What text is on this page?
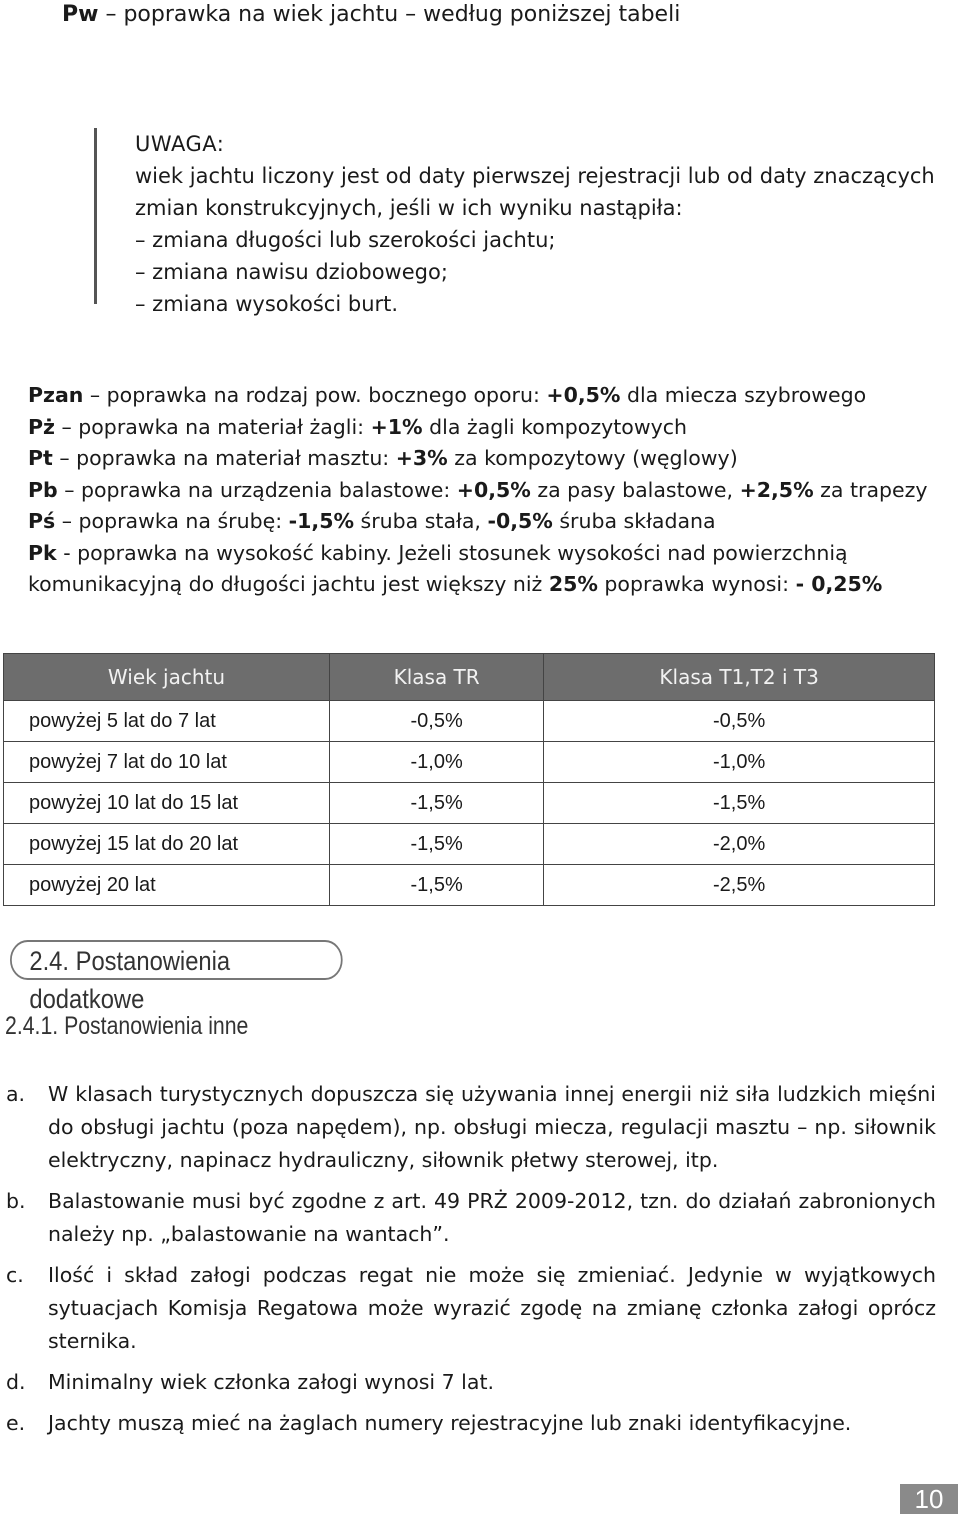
Pw – poprawka na wiek jachtu – według poniższej tabeli
UWAGA:
wiek jachtu liczony jest od daty pierwszej rejestracji lub od daty znaczących
zmian konstrukcyjnych, jeśli w ich wyniku nastąpiła:
– zmiana długości lub szerokości jachtu;
– zmiana nawisu dziobowego;
– zmiana wysokości burt.
Pzan – poprawka na rodzaj pow. bocznego oporu: +0,5% dla miecza szybrowego
Pż – poprawka na materiał żagli: +1% dla żagli kompozytowych
Pt – poprawka na materiał masztu: +3% za kompozytowy (węglowy)
Pb – poprawka na urządzenia balastowe: +0,5% za pasy balastowe, +2,5% za trapezy
Pś – poprawka na śrubę: -1,5% śruba stała, -0,5% śruba składana
Pk - poprawka na wysokość kabiny. Jeżeli stosunek wysokości nad powierzchnią
komunikacyjną do długości jachtu jest większy niż 25% poprawka wynosi: - 0,25%
Wiek jachtu	Klasa TR	Klasa T1,T2 i T3
powyżej 5 lat do 7 lat	-0,5%	-0,5%
powyżej 7 lat do 10 lat	-1,0%	-1,0%
powyżej 10 lat do 15 lat	-1,5%	-1,5%
powyżej 15 lat do 20 lat	-1,5%	-2,0%
powyżej 20 lat	-1,5%	-2,5%
2.4. Postanowienia dodatkowe
2.4.1. Postanowienia inne
a. W klasach turystycznych dopuszcza się używania innej energii niż siła ludzkich mięśni do obsługi jachtu (poza napędem), np. obsługi miecza, regulacji masztu – np. siłownik elektryczny, napinacz hydrauliczny, siłownik płetwy sterowej, itp.
b. Balastowanie musi być zgodne z art. 49 PRŻ 2009-2012, tzn. do działań zabronionych należy np. „balastowanie na wantach”.
c. Ilość i skład załogi podczas regat nie może się zmieniać. Jedynie w wyjątkowych sytuacjach Komisja Regatowa może wyrazić zgodę na zmianę członka załogi oprócz sternika.
d. Minimalny wiek członka załogi wynosi 7 lat.
e. Jachty muszą mieć na żaglach numery rejestracyjne lub znaki identyfikacyjne.
10
